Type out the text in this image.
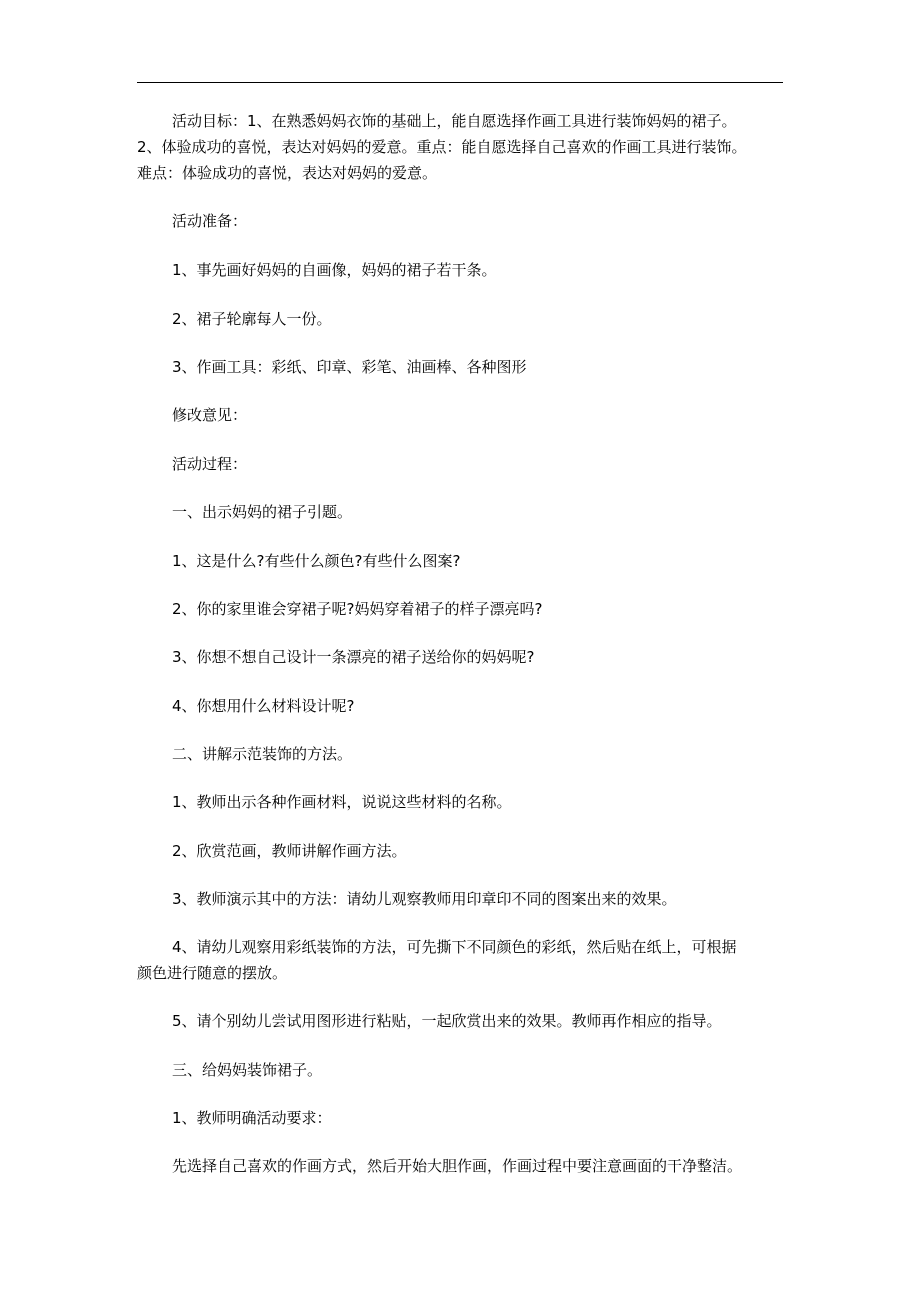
活动目标：1、在熟悉妈妈衣饰的基础上，能自愿选择作画工具进行装饰妈妈的裙子。
2、体验成功的喜悦，表达对妈妈的爱意。重点：能自愿选择自己喜欢的作画工具进行装饰。
难点：体验成功的喜悦，表达对妈妈的爱意。
活动准备：
1、事先画好妈妈的自画像，妈妈的裙子若干条。
2、裙子轮廓每人一份。
3、作画工具：彩纸、印章、彩笔、油画棒、各种图形
修改意见：
活动过程：
一、出示妈妈的裙子引题。
1、这是什么?有些什么颜色?有些什么图案?
2、你的家里谁会穿裙子呢?妈妈穿着裙子的样子漂亮吗?
3、你想不想自己设计一条漂亮的裙子送给你的妈妈呢?
4、你想用什么材料设计呢?
二、讲解示范装饰的方法。
1、教师出示各种作画材料，说说这些材料的名称。
2、欣赏范画，教师讲解作画方法。
3、教师演示其中的方法：请幼儿观察教师用印章印不同的图案出来的效果。
4、请幼儿观察用彩纸装饰的方法，可先撕下不同颜色的彩纸，然后贴在纸上，可根据
颜色进行随意的摆放。
5、请个别幼儿尝试用图形进行粘贴，一起欣赏出来的效果。教师再作相应的指导。
三、给妈妈装饰裙子。
1、教师明确活动要求：
先选择自己喜欢的作画方式，然后开始大胆作画，作画过程中要注意画面的干净整洁。
